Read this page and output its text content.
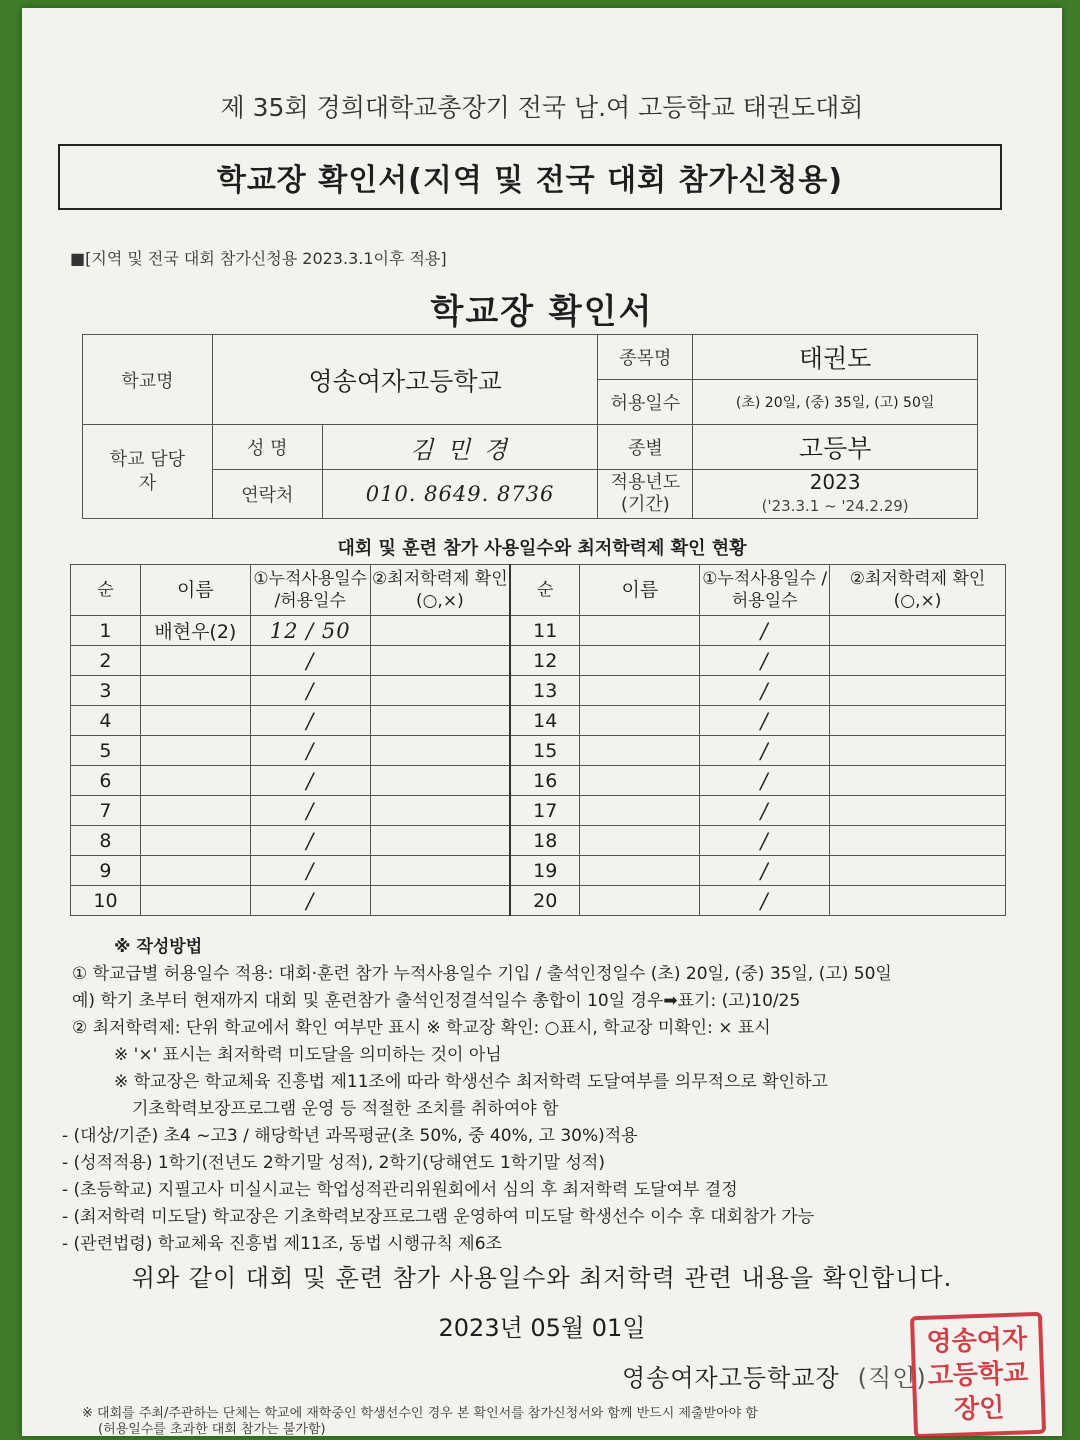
제 35회 경희대학교총장기 전국 남.여 고등학교 태권도대회
학교장 확인서(지역 및 전국 대회 참가신청용)
■[지역 및 전국 대회 참가신청용 2023.3.1이후 적용]
학교장 확인서
학교명	영송여자고등학교		종목명	태권도
			허용일수	(초) 20일, (중) 35일, (고) 50일
학교 담당자	성 명	김 민 경	종별	고등부
	연락처	010. 8649. 8736	적용년도 (기간)	2023
('23.3.1 ~ '24.2.29)
대회 및 훈련 참가 사용일수와 최저학력제 확인 현황
순	이름	①누적사용일수 /허용일수	②최저학력제 확인(○,×)	순	이름	①누적사용일수 /허용일수	②최저학력제 확인(○,×)
1	배현우(2)	12 / 50		11		/	
2		/		12		/	
3		/		13		/	
4		/		14		/	
5		/		15		/	
6		/		16		/	
7		/		17		/	
8		/		18		/	
9		/		19		/	
10		/		20		/	

※ 작성방법

① 학교급별 허용일수 적용: 대회·훈련 참가 누적사용일수 기입 / 출석인정일수 (초) 20일, (중) 35일, (고) 50일

예) 학기 초부터 현재까지 대회 및 훈련참가 출석인정결석일수 총합이 10일 경우➡표기: (고)10/25

② 최저학력제: 단위 학교에서 확인 여부만 표시 ※ 학교장 확인: ○표시, 학교장 미확인: × 표시

※ '×' 표시는 최저학력 미도달을 의미하는 것이 아님

※ 학교장은 학교체육 진흥법 제11조에 따라 학생선수 최저학력 도달여부를 의무적으로 확인하고

기초학력보장프로그램 운영 등 적절한 조치를 취하여야 함

- (대상/기준) 초4 ~고3 / 해당학년 과목평균(초 50%, 중 40%, 고 30%)적용

- (성적적용) 1학기(전년도 2학기말 성적), 2학기(당해연도 1학기말 성적)

- (초등학교) 지필고사 미실시교는 학업성적관리위원회에서 심의 후 최저학력 도달여부 결정

- (최저학력 미도달) 학교장은 기초학력보장프로그램 운영하여 미도달 학생선수 이수 후 대회참가 가능

- (관련법령) 학교체육 진흥법 제11조, 동법 시행규칙 제6조

위와 같이 대회 및 훈련 참가 사용일수와 최저학력 관련 내용을 확인합니다.
2023년 05월 01일
영송여자고등학교장 (직인)
영송여자고등학교장인

※ 대회를 주최/주관하는 단체는 학교에 재학중인 학생선수인 경우 본 확인서를 참가신청서와 함께 반드시 제출받아야 함

(허용일수를 초과한 대회 참가는 불가함)
